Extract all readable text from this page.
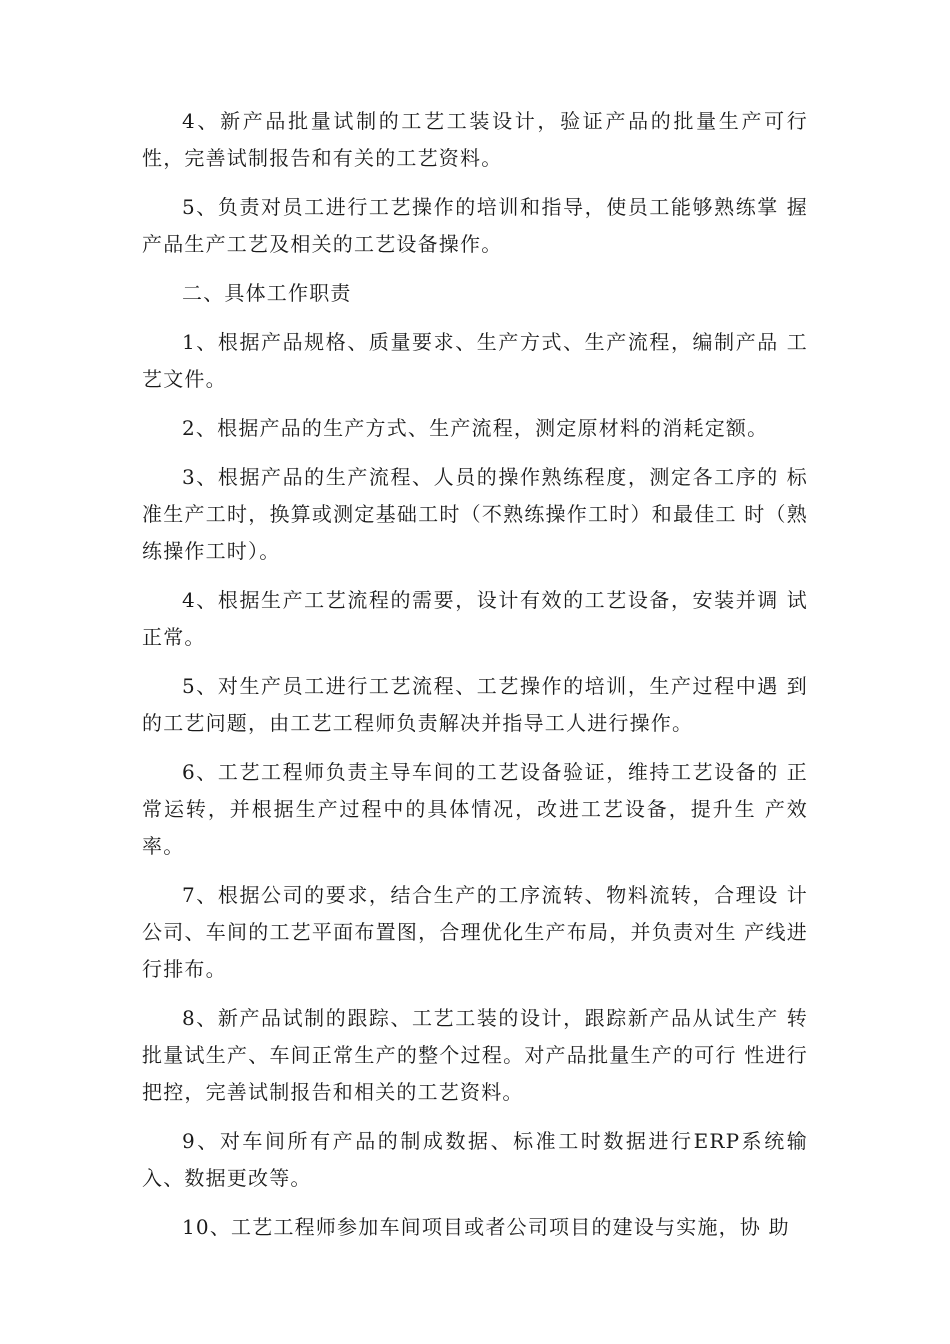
4、新产品批量试制的工艺工装设计，验证产品的批量生产可行性，完善试制报告和有关的工艺资料。

5、负责对员工进行工艺操作的培训和指导，使员工能够熟练掌 握产品生产工艺及相关的工艺设备操作。

二、具体工作职责

1、根据产品规格、质量要求、生产方式、生产流程，编制产品 工艺文件。

2、根据产品的生产方式、生产流程，测定原材料的消耗定额。

3、根据产品的生产流程、人员的操作熟练程度，测定各工序的 标准生产工时，换算或测定基础工时（不熟练操作工时）和最佳工 时（熟练操作工时）。

4、根据生产工艺流程的需要，设计有效的工艺设备，安装并调 试正常。

5、对生产员工进行工艺流程、工艺操作的培训，生产过程中遇 到的工艺问题，由工艺工程师负责解决并指导工人进行操作。

6、工艺工程师负责主导车间的工艺设备验证，维持工艺设备的 正常运转，并根据生产过程中的具体情况，改进工艺设备，提升生 产效率。

7、根据公司的要求，结合生产的工序流转、物料流转，合理设 计公司、车间的工艺平面布置图，合理优化生产布局，并负责对生 产线进行排布。

8、新产品试制的跟踪、工艺工装的设计，跟踪新产品从试生产 转批量试生产、车间正常生产的整个过程。对产品批量生产的可行 性进行把控，完善试制报告和相关的工艺资料。

9、对车间所有产品的制成数据、标准工时数据进行ERP系统输入、数据更改等。

10、工艺工程师参加车间项目或者公司项目的建设与实施，协 助
